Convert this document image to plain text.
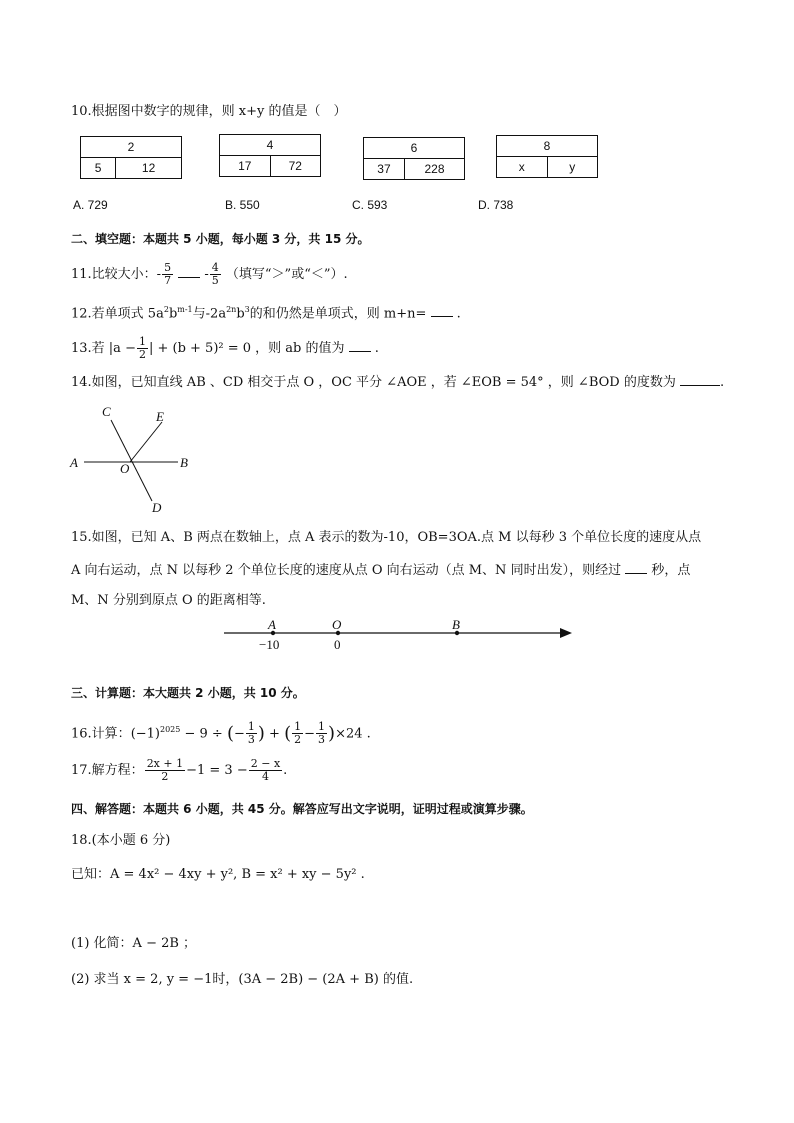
10.根据图中数字的规律，则 x+y 的值是（　）
2
5	12
4
17	72
6
37	228
8
x	y
A. 729	B. 550	C. 593	D. 738
二、填空题：本题共 5 小题，每小题 3 分，共 15 分。
11.比较大小：- $\frac{5}{7} - \frac{4}{5}$ （填写“＞”或“＜”）.
12.若单项式 $5a^2b^{m-1}$与$-2a^{2n}b^3$的和仍然是单项式，则 m+n= .
13.若 $|a - \frac{1}{2}$ | + (b + 5)² = 0 ，则 ab 的值为 .
14.如图，已知直线 AB 、CD 相交于点 O ，OC 平分 ∠AOE ，若 ∠EOB = 54° ，则 ∠BOD 的度数为	.
A	B
C
D
E
O
15.如图，已知 A、B 两点在数轴上，点 A 表示的数为-10，OB=3OA.点 M 以每秒 3 个单位长度的速度从点
A 向右运动，点 N 以每秒 2 个单位长度的速度从点 O 向右运动（点 M、N 同时出发），则经过 秒，点
M、N 分别到原点 O 的距离相等.
A	O	B
−10	0
三、计算题：本大题共 2 小题，共 10 分。
16.计算：$(-1)^{2025} - 9$ ÷ (− $\frac{1}{3}$ ) + ( $\frac{1}{2} - \frac{1}{3} )\times 24$ .
17.解方程： $\frac{2x + 1}{2} -1 = 3 - \frac{2 - x}{4}$ .
四、解答题：本题共 6 小题，共 45 分。解答应写出文字说明，证明过程或演算步骤。
18.(本小题 6 分)
已知：A = 4x² − 4xy + y², B = x² + xy − 5y² .
(1) 化简：A − 2B ；
(2) 求当 x = 2, y = −1时，(3A − 2B) − (2A + B) 的值.
